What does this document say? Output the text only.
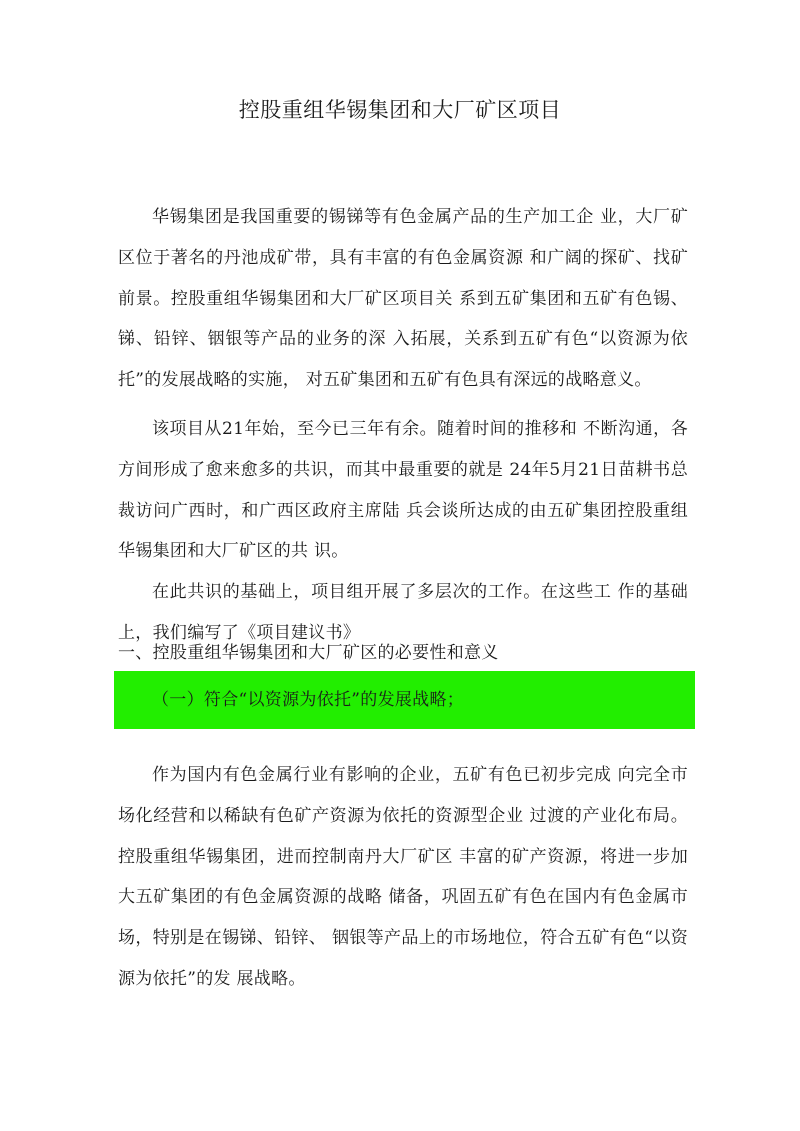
控股重组华锡集团和大厂矿区项目

华锡集团是我国重要的锡锑等有色金属产品的生产加工企 业，大厂矿区位于著名的丹池成矿带，具有丰富的有色金属资源 和广阔的探矿、找矿前景。控股重组华锡集团和大厂矿区项目关 系到五矿集团和五矿有色锡、锑、铅锌、铟银等产品的业务的深 入拓展，关系到五矿有色“以资源为依托”的发展战略的实施， 对五矿集团和五矿有色具有深远的战略意义。

该项目从21年始，至今已三年有余。随着时间的推移和 不断沟通，各方间形成了愈来愈多的共识，而其中最重要的就是 24年5月21日苗耕书总裁访问广西时，和广西区政府主席陆 兵会谈所达成的由五矿集团控股重组华锡集团和大厂矿区的共 识。

在此共识的基础上，项目组开展了多层次的工作。在这些工 作的基础上，我们编写了《项目建议书》

一、控股重组华锡集团和大厂矿区的必要性和意义
（一）符合“以资源为依托”的发展战略；

作为国内有色金属行业有影响的企业，五矿有色已初步完成 向完全市场化经营和以稀缺有色矿产资源为依托的资源型企业 过渡的产业化布局。控股重组华锡集团，进而控制南丹大厂矿区 丰富的矿产资源，将进一步加大五矿集团的有色金属资源的战略 储备，巩固五矿有色在国内有色金属市场，特别是在锡锑、铅锌、 铟银等产品上的市场地位，符合五矿有色“以资源为依托”的发 展战略。
